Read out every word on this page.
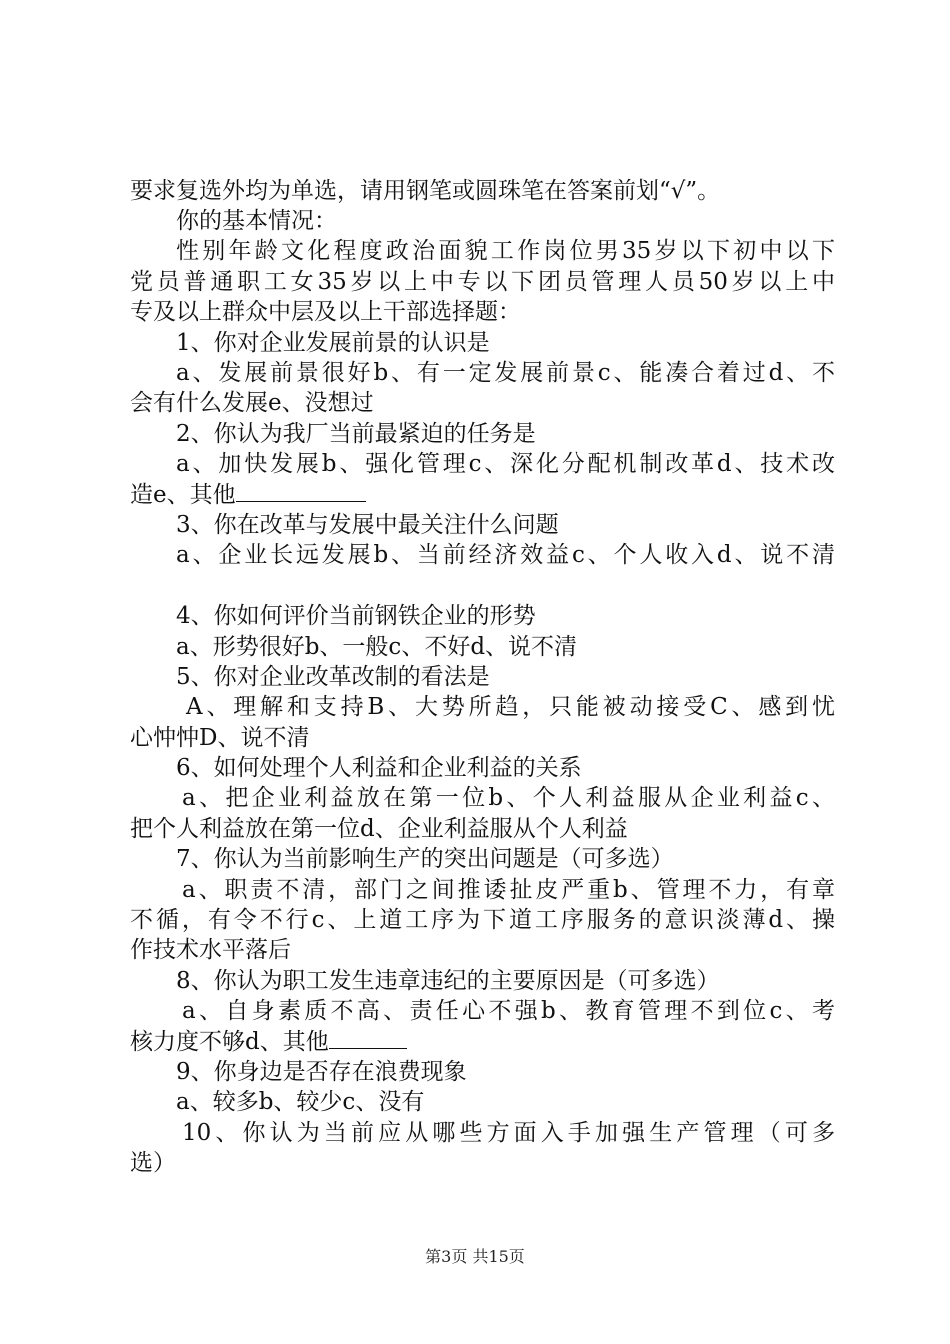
要求复选外均为单选，请用钢笔或圆珠笔在答案前划“√”。
你的基本情况：
性别年龄文化程度政治面貌工作岗位男35岁以下初中以下
党员普通职工女35岁以上中专以下团员管理人员50岁以上中
专及以上群众中层及以上干部选择题：
1、你对企业发展前景的认识是
a、发展前景很好b、有一定发展前景c、能凑合着过d、不
会有什么发展e、没想过
2、你认为我厂当前最紧迫的任务是
a、加快发展b、强化管理c、深化分配机制改革d、技术改
造e、其他
3、你在改革与发展中最关注什么问题
a、企业长远发展b、当前经济效益c、个人收入d、说不清
4、你如何评价当前钢铁企业的形势
a、形势很好b、一般c、不好d、说不清
5、你对企业改革改制的看法是
A、理解和支持B、大势所趋，只能被动接受C、感到忧
心忡忡D、说不清
6、如何处理个人利益和企业利益的关系
a、把企业利益放在第一位b、个人利益服从企业利益c、
把个人利益放在第一位d、企业利益服从个人利益
7、你认为当前影响生产的突出问题是（可多选）
a、职责不清，部门之间推诿扯皮严重b、管理不力，有章
不循，有令不行c、上道工序为下道工序服务的意识淡薄d、操
作技术水平落后
8、你认为职工发生违章违纪的主要原因是（可多选）
a、自身素质不高、责任心不强b、教育管理不到位c、考
核力度不够d、其他
9、你身边是否存在浪费现象
a、较多b、较少c、没有
10、你认为当前应从哪些方面入手加强生产管理（可多
选）
第3页 共15页
